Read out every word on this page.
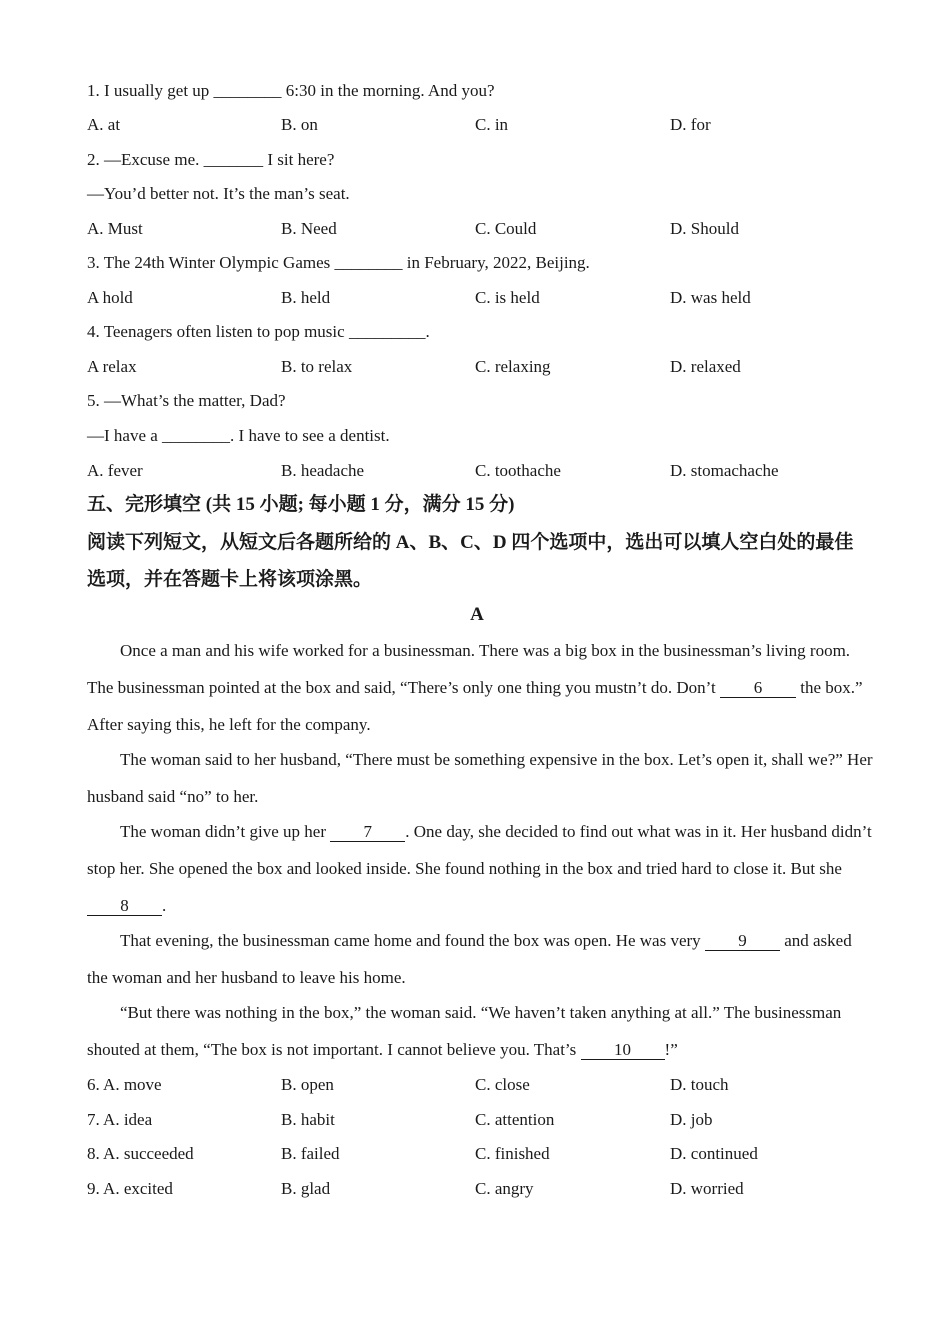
1. I usually get up ________ 6:30 in the morning. And you?
A. at	B. on	C. in	D. for
2. —Excuse me. _______ I sit here?
—You’d better not. It’s the man’s seat.
A. Must	B. Need	C. Could	D. Should
3. The 24th Winter Olympic Games ________ in February, 2022, Beijing.
A hold	B. held	C. is held	D. was held
4. Teenagers often listen to pop music _________.
A relax	B. to relax	C. relaxing	D. relaxed
5. —What’s the matter, Dad?
—I have a ________. I have to see a dentist.
A. fever	B. headache	C. toothache	D. stomachache
五、完形填空 (共 15 小题; 每小题 1 分，满分 15 分)
阅读下列短文，从短文后各题所给的 A、B、C、D 四个选项中，选出可以填人空白处的最佳
选项，并在答题卡上将该项涂黑。
A
Once a man and his wife worked for a businessman. There was a big box in the businessman’s living room.
The businessman pointed at the box and said, “There’s only one thing you mustn’t do. Don’t 6 the box.”
After saying this, he left for the company.
The woman said to her husband, “There must be something expensive in the box. Let’s open it, shall we?” Her
husband said “no” to her.
The woman didn’t give up her 7 . One day, she decided to find out what was in it. Her husband didn’t
stop her. She opened the box and looked inside. She found nothing in the box and tried hard to close it. But she
8 .
That evening, the businessman came home and found the box was open. He was very 9 and asked
the woman and her husband to leave his home.
“But there was nothing in the box,” the woman said. “We haven’t taken anything at all.” The businessman
shouted at them, “The box is not important. I cannot believe you. That’s 10 !”
6. A. move	B. open	C. close	D. touch
7. A. idea	B. habit	C. attention	D. job
8. A. succeeded	B. failed	C. finished	D. continued
9. A. excited	B. glad	C. angry	D. worried
